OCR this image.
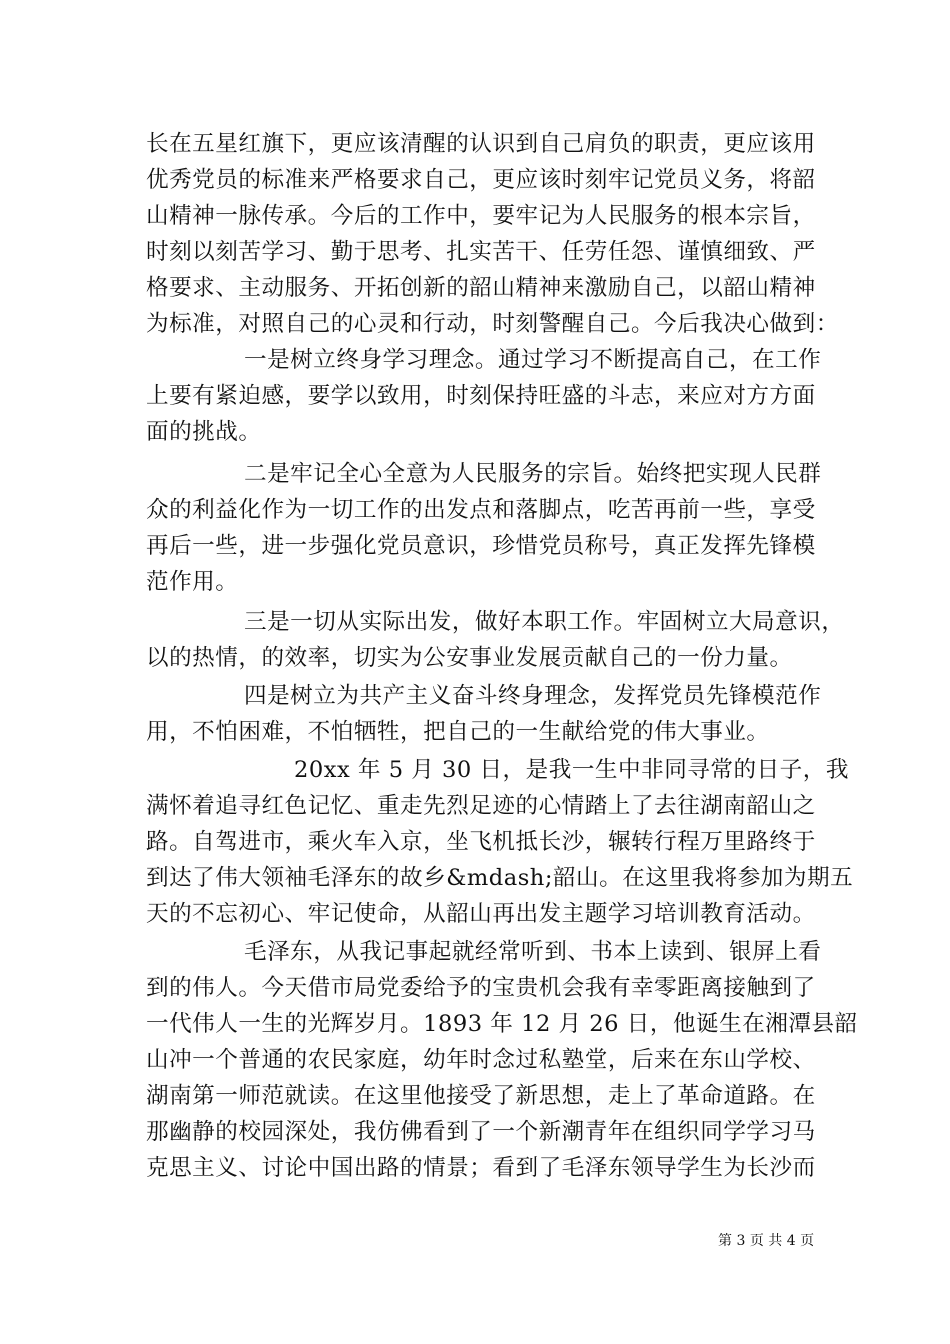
长在五星红旗下，更应该清醒的认识到自己肩负的职责，更应该用
优秀党员的标准来严格要求自己，更应该时刻牢记党员义务，将韶
山精神一脉传承。今后的工作中，要牢记为人民服务的根本宗旨，
时刻以刻苦学习、勤于思考、扎实苦干、任劳任怨、谨慎细致、严
格要求、主动服务、开拓创新的韶山精神来激励自己，以韶山精神
为标准，对照自己的心灵和行动，时刻警醒自己。今后我决心做到：
一是树立终身学习理念。通过学习不断提高自己，在工作
上要有紧迫感，要学以致用，时刻保持旺盛的斗志，来应对方方面
面的挑战。
二是牢记全心全意为人民服务的宗旨。始终把实现人民群
众的利益化作为一切工作的出发点和落脚点，吃苦再前一些，享受
再后一些，进一步强化党员意识，珍惜党员称号，真正发挥先锋模
范作用。
三是一切从实际出发，做好本职工作。牢固树立大局意识，
以的热情，的效率，切实为公安事业发展贡献自己的一份力量。
四是树立为共产主义奋斗终身理念，发挥党员先锋模范作
用，不怕困难，不怕牺牲，把自己的一生献给党的伟大事业。
20xx 年 5 月 30 日，是我一生中非同寻常的日子，我
满怀着追寻红色记忆、重走先烈足迹的心情踏上了去往湖南韶山之
路。自驾进市，乘火车入京，坐飞机抵长沙，辗转行程万里路终于
到达了伟大领袖毛泽东的故乡&mdash;韶山。在这里我将参加为期五
天的不忘初心、牢记使命，从韶山再出发主题学习培训教育活动。
毛泽东，从我记事起就经常听到、书本上读到、银屏上看
到的伟人。今天借市局党委给予的宝贵机会我有幸零距离接触到了
一代伟人一生的光辉岁月。1893 年 12 月 26 日，他诞生在湘潭县韶
山冲一个普通的农民家庭，幼年时念过私塾堂，后来在东山学校、
湖南第一师范就读。在这里他接受了新思想，走上了革命道路。在
那幽静的校园深处，我仿佛看到了一个新潮青年在组织同学学习马
克思主义、讨论中国出路的情景；看到了毛泽东领导学生为长沙而
第 3 页 共 4 页
